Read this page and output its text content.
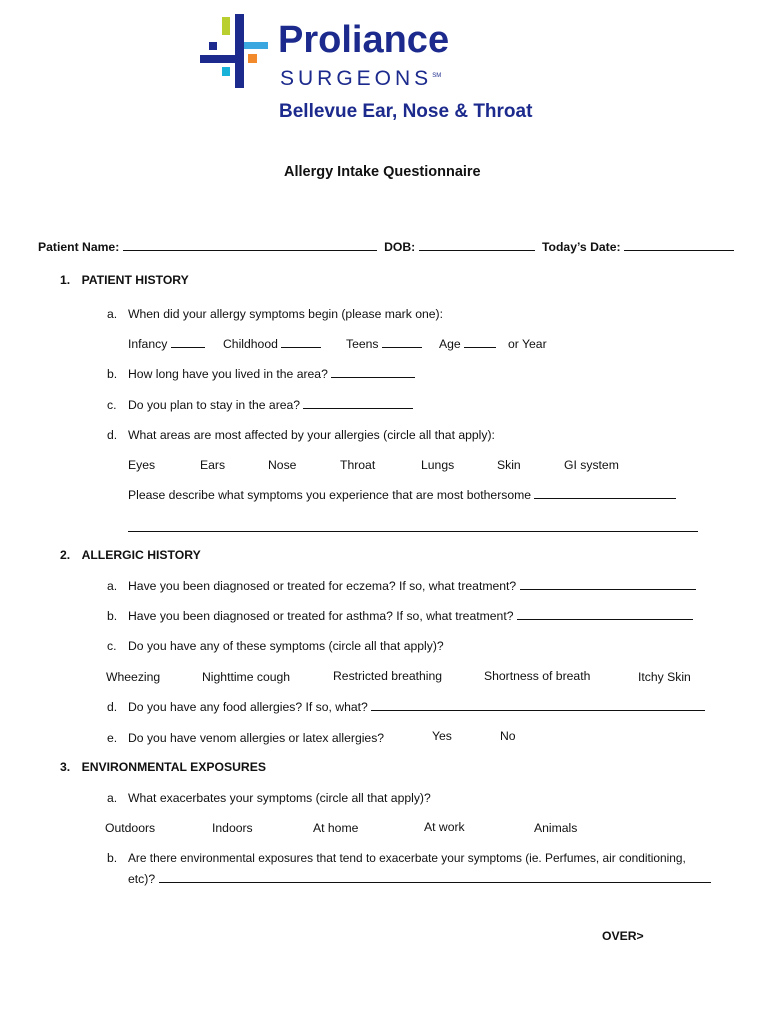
Proliance
SURGEONS℠
Bellevue Ear, Nose & Throat
Allergy Intake Questionnaire
Patient Name:	DOB:	Today’s Date:
1. PATIENT HISTORY
a. When did your allergy symptoms begin (please mark one):
Infancy	Childhood	Teens	Age	or Year
b. How long have you lived in the area?
c. Do you plan to stay in the area?
d. What areas are most affected by your allergies (circle all that apply):
Eyes	Ears	Nose	Throat	Lungs	Skin	GI system
Please describe what symptoms you experience that are most bothersome
2. ALLERGIC HISTORY
a. Have you been diagnosed or treated for eczema? If so, what treatment?
b. Have you been diagnosed or treated for asthma? If so, what treatment?
c. Do you have any of these symptoms (circle all that apply)?
Wheezing	Nighttime cough	Restricted breathing	Shortness of breath	Itchy Skin
d. Do you have any food allergies? If so, what?
e. Do you have venom allergies or latex allergies?	Yes	No
3. ENVIRONMENTAL EXPOSURES
a. What exacerbates your symptoms (circle all that apply)?
Outdoors	Indoors	At home	At work	Animals
b. Are there environmental exposures that tend to exacerbate your symptoms (ie. Perfumes, air conditioning,
etc)?
OVER>
